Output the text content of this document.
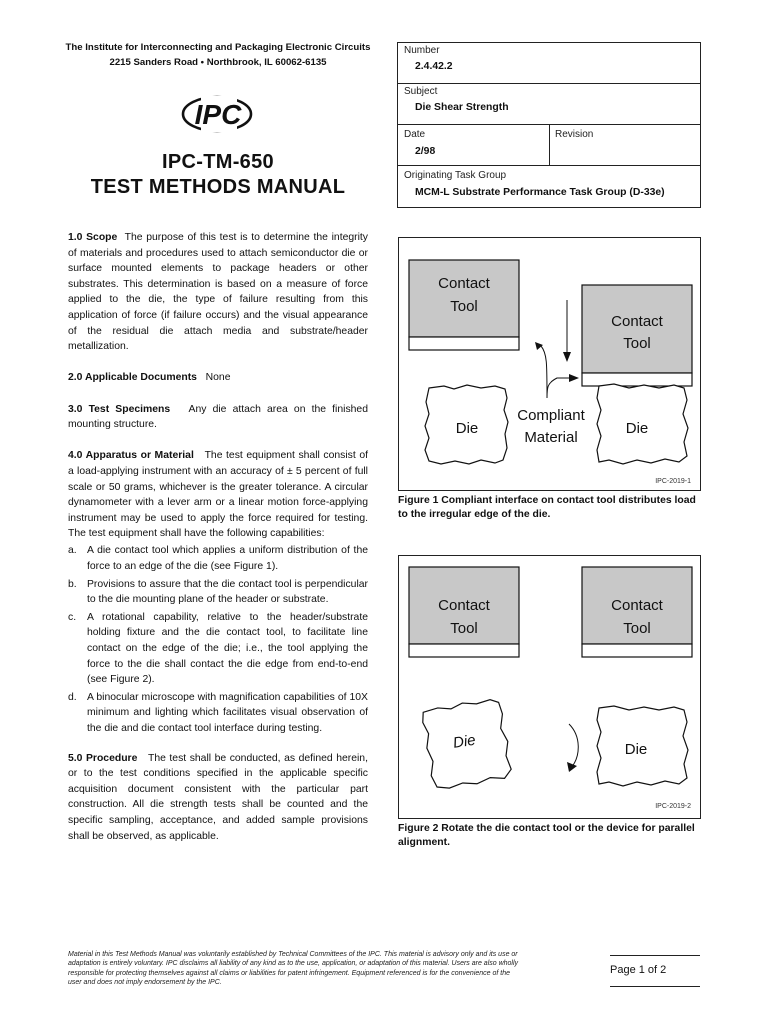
The Institute for Interconnecting and Packaging Electronic Circuits
2215 Sanders Road • Northbrook, IL 60062-6135
IPC
IPC-TM-650
TEST METHODS MANUAL
Number
2.4.42.2
Subject
Die Shear Strength
Date
2/98
Revision
Originating Task Group
MCM-L Substrate Performance Task Group (D-33e)

1.0 Scope The purpose of this test is to determine the integrity of materials and procedures used to attach semiconductor die or surface mounted elements to package headers or other substrates. This determination is based on a measure of force applied to the die, the type of failure resulting from this application of force (if failure occurs) and the visual appearance of the residual die attach media and substrate/header metallization.

2.0 Applicable Documents None

3.0 Test Specimens Any die attach area on the finished mounting structure.

4.0 Apparatus or Material The test equipment shall consist of a load-applying instrument with an accuracy of ± 5 percent of full scale or 50 grams, whichever is the greater tolerance. A circular dynamometer with a lever arm or a linear motion force-applying instrument may be used to apply the force required for testing. The test equipment shall have the following capabilities:

a. A die contact tool which applies a uniform distribution of the force to an edge of the die (see Figure 1).
b. Provisions to assure that the die contact tool is perpendicular to the die mounting plane of the header or substrate.
c. A rotational capability, relative to the header/substrate holding fixture and the die contact tool, to facilitate line contact on the edge of the die; i.e., the tool applying the force to the die shall contact the die edge from end-to-end (see Figure 2).
d. A binocular microscope with magnification capabilities of 10X minimum and lighting which facilitates visual observation of the die and die contact tool interface during testing.

5.0 Procedure The test shall be conducted, as defined herein, or to the test conditions specified in the applicable specific acquisition document consistent with the particular part construction. All die strength tests shall be counted and the specific sampling, acceptance, and added sample provisions shall be observed, as applicable.

Contact
Tool
Contact
Tool
Die	Die
Compliant
Material
IPC-2019-1
Figure 1 Compliant interface on contact tool distributes load to the irregular edge of the die.
Contact
Tool
Contact
Tool
Die	Die
IPC-2019-2
Figure 2 Rotate the die contact tool or the device for parallel alignment.
Material in this Test Methods Manual was voluntarily established by Technical Committees of the IPC. This material is advisory only and its use or adaptation is entirely voluntary. IPC disclaims all liability of any kind as to the use, application, or adaptation of this material. Users are also wholly responsible for protecting themselves against all claims or liabilities for patent infringement. Equipment referenced is for the convenience of the user and does not imply endorsement by the IPC.
Page 1 of 2
